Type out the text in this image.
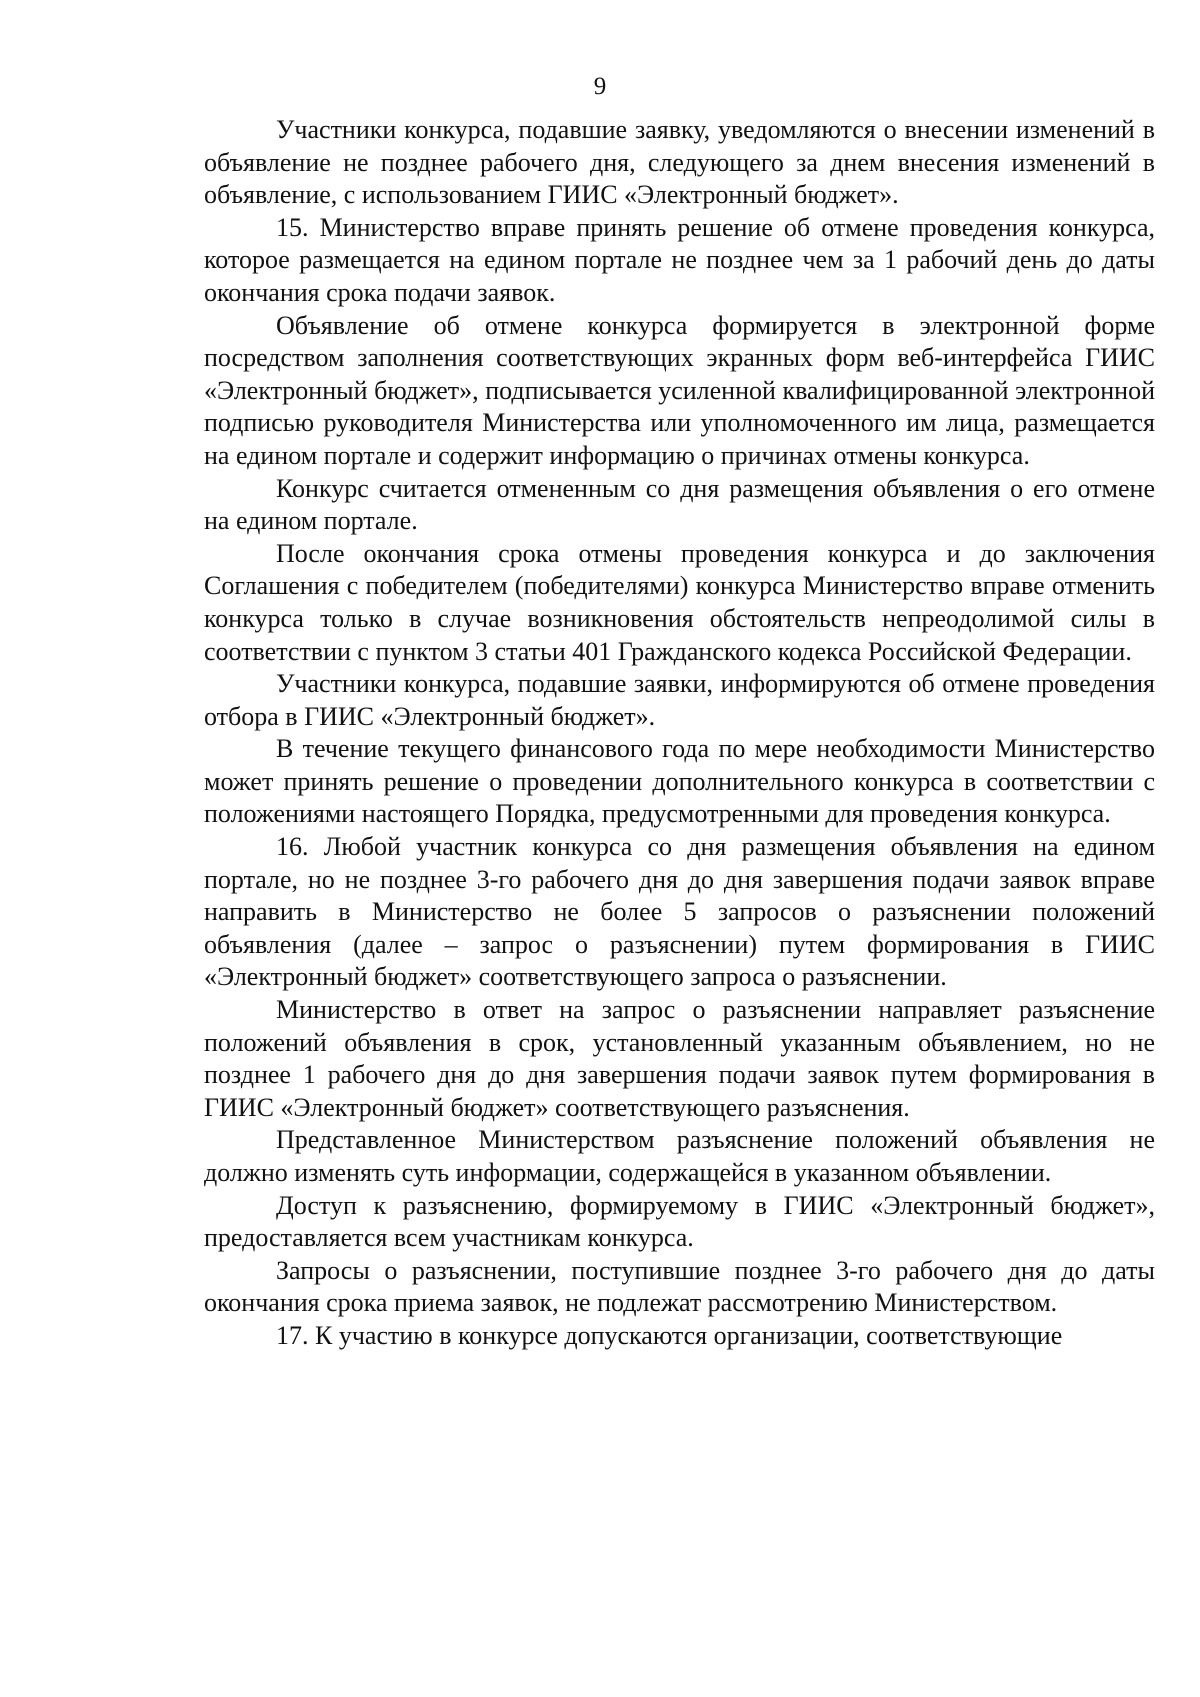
9

Участники конкурса, подавшие заявку, уведомляются о внесении изменений в объявление не позднее рабочего дня, следующего за днем внесения изменений в объявление, с использованием ГИИС «Электронный бюджет».

15. Министерство вправе принять решение об отмене проведения конкурса, которое размещается на едином портале не позднее чем за 1 рабочий день до даты окончания срока подачи заявок.

Объявление об отмене конкурса формируется в электронной форме посредством заполнения соответствующих экранных форм веб-интерфейса ГИИС «Электронный бюджет», подписывается усиленной квалифицированной электронной подписью руководителя Министерства или уполномоченного им лица, размещается на едином портале и содержит информацию о причинах отмены конкурса.

Конкурс считается отмененным со дня размещения объявления о его отмене на едином портале.

После окончания срока отмены проведения конкурса и до заключения Соглашения с победителем (победителями) конкурса Министерство вправе отменить конкурса только в случае возникновения обстоятельств непреодолимой силы в соответствии с пунктом 3 статьи 401 Гражданского кодекса Российской Федерации.

Участники конкурса, подавшие заявки, информируются об отмене проведения отбора в ГИИС «Электронный бюджет».

В течение текущего финансового года по мере необходимости Министерство может принять решение о проведении дополнительного конкурса в соответствии с положениями настоящего Порядка, предусмотренными для проведения конкурса.

16. Любой участник конкурса со дня размещения объявления на едином портале, но не позднее 3-го рабочего дня до дня завершения подачи заявок вправе направить в Министерство не более 5 запросов о разъяснении положений объявления (далее – запрос о разъяснении) путем формирования в ГИИС «Электронный бюджет» соответствующего запроса о разъяснении.

Министерство в ответ на запрос о разъяснении направляет разъяснение положений объявления в срок, установленный указанным объявлением, но не позднее 1 рабочего дня до дня завершения подачи заявок путем формирования в ГИИС «Электронный бюджет» соответствующего разъяснения.

Представленное Министерством разъяснение положений объявления не должно изменять суть информации, содержащейся в указанном объявлении.

Доступ к разъяснению, формируемому в ГИИС «Электронный бюджет», предоставляется всем участникам конкурса.

Запросы о разъяснении, поступившие позднее 3-го рабочего дня до даты окончания срока приема заявок, не подлежат рассмотрению Министерством.

17. К участию в конкурсе допускаются организации, соответствующие
